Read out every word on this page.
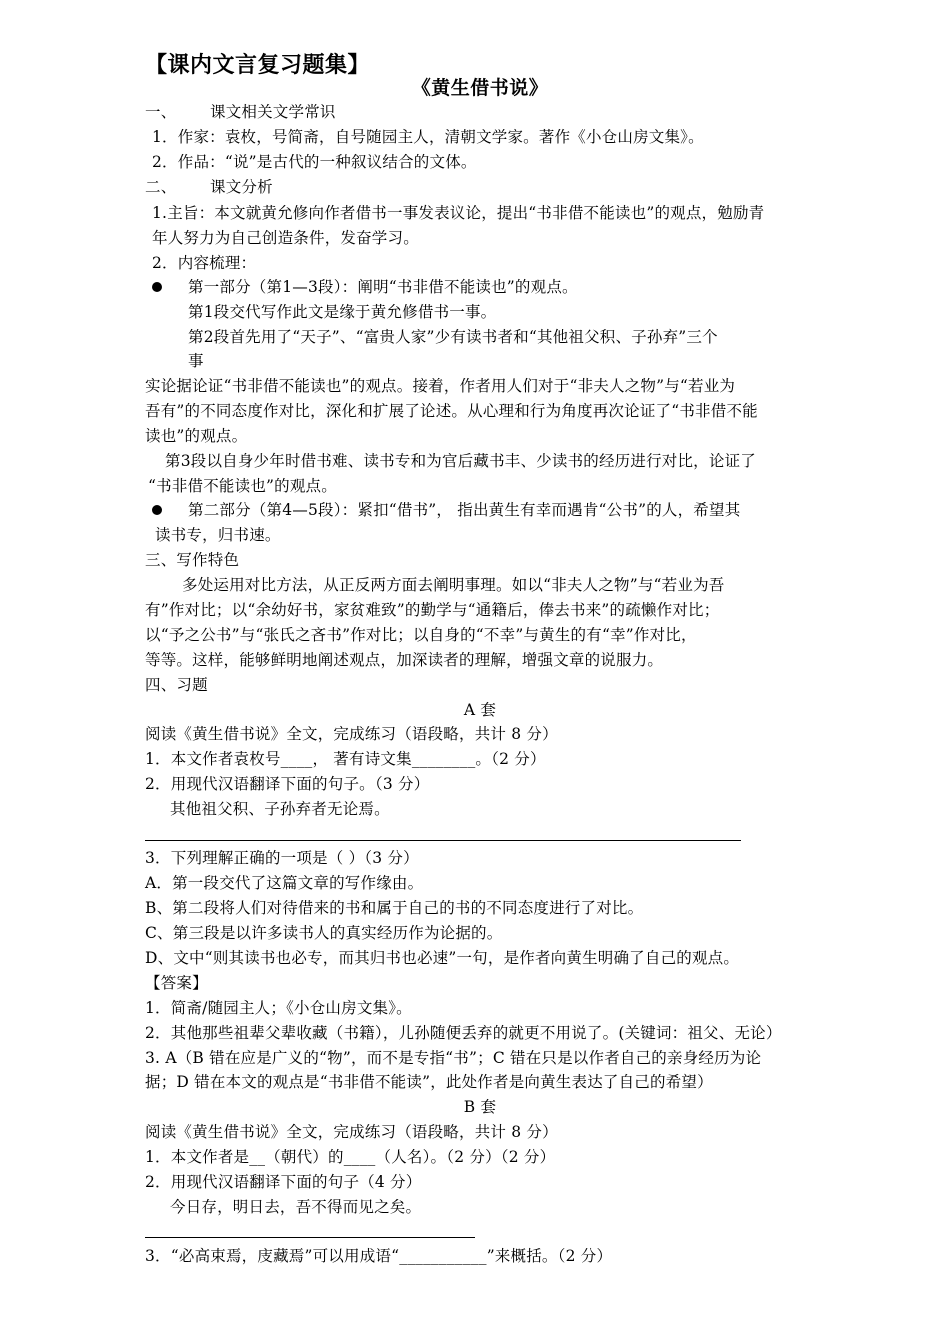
【课内文言复习题集】
《黄生借书说》
一、 课文相关文学常识
1．作家：袁枚，号简斋，自号随园主人，清朝文学家。著作《小仓山房文集》。
2．作品：“说”是古代的一种叙议结合的文体。
二、 课文分析
1.主旨：本文就黄允修向作者借书一事发表议论，提出“书非借不能读也”的观点，勉励青
年人努力为自己创造条件，发奋学习。
2．内容梳理：
第一部分（第1—3段）：阐明“书非借不能读也”的观点。
第1段交代写作此文是缘于黄允修借书一事。
第2段首先用了“天子”、“富贵人家”少有读书者和“其他祖父积、子孙弃”三个
事
实论据论证“书非借不能读也”的观点。接着，作者用人们对于“非夫人之物”与“若业为
吾有”的不同态度作对比，深化和扩展了论述。从心理和行为角度再次论证了“书非借不能
读也”的观点。
第3段以自身少年时借书难、读书专和为官后藏书丰、少读书的经历进行对比，论证了
“书非借不能读也”的观点。
第二部分（第4—5段）：紧扣“借书”， 指出黄生有幸而遇肯“公书”的人，希望其
读书专，归书速。
三、写作特色
多处运用对比方法，从正反两方面去阐明事理。如以“非夫人之物”与“若业为吾
有”作对比；以“余幼好书，家贫难致”的勤学与“通籍后，俸去书来”的疏懒作对比；
以“予之公书”与“张氏之吝书”作对比；以自身的“不幸”与黄生的有“幸”作对比，
等等。这样，能够鲜明地阐述观点，加深读者的理解，增强文章的说服力。
四、习题
A 套
阅读《黄生借书说》全文，完成练习（语段略，共计 8 分）
1．本文作者袁枚号____， 著有诗文集________。（2 分）
2．用现代汉语翻译下面的句子。（3 分）
其他祖父积、子孙弃者无论焉。
3．下列理解正确的一项是（ ）（3 分）
A．第一段交代了这篇文章的写作缘由。
B、第二段将人们对待借来的书和属于自己的书的不同态度进行了对比。
C、第三段是以许多读书人的真实经历作为论据的。
D、文中“则其读书也必专，而其归书也必速”一句，是作者向黄生明确了自己的观点。
【答案】
1．简斋/随园主人；《小仓山房文集》。
2．其他那些祖辈父辈收藏（书籍），儿孙随便丢弃的就更不用说了。(关键词：祖父、无论）
3. A（B 错在应是广义的“物”，而不是专指“书”；C 错在只是以作者自己的亲身经历为论
据；D 错在本文的观点是“书非借不能读”，此处作者是向黄生表达了自己的希望）
B 套
阅读《黄生借书说》全文，完成练习（语段略，共计 8 分）
1．本文作者是__（朝代）的____（人名）。（2 分）（2 分）
2．用现代汉语翻译下面的句子（4 分）
今日存，明日去，吾不得而见之矣。
3．“必高束焉，庋藏焉”可以用成语“___________”来概括。（2 分）
